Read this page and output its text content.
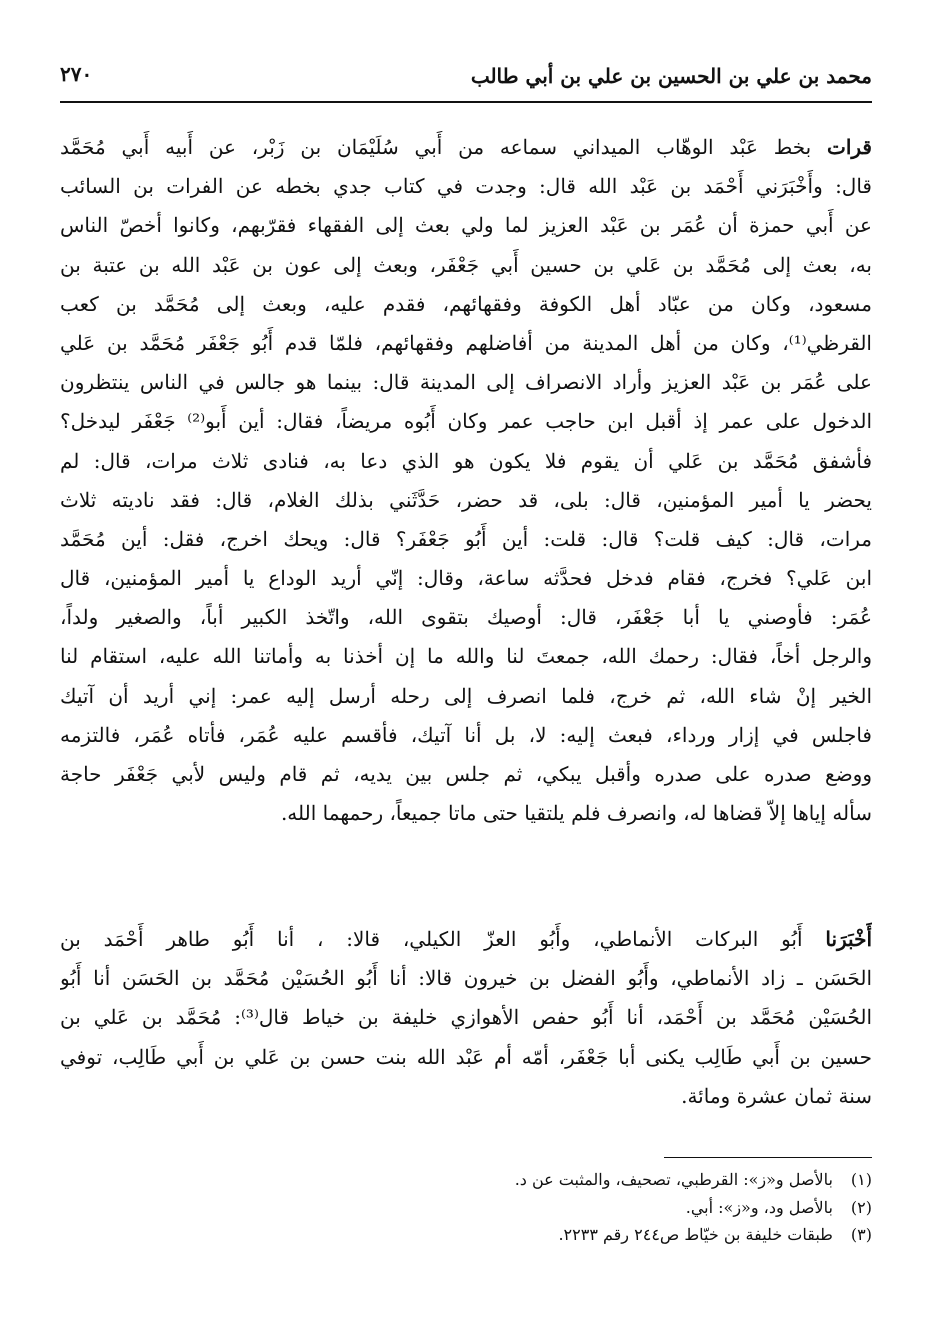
محمد بن علي بن الحسين بن علي بن أبي طالب
٢٧٠
قرات بخط عَبْد الوهّاب الميداني سماعه من أَبي سُلَيْمَان بن زَبْر، عن أَبيه أَبي مُحَمَّد
قال: وأَخْبَرَني أَحْمَد بن عَبْد الله قال: وجدت في كتاب جدي بخطه عن الفرات بن السائب
عن أَبي حمزة أن عُمَر بن عَبْد العزيز لما ولي بعث إلى الفقهاء فقرّبهم، وكانوا أخصّ الناس
به، بعث إلى مُحَمَّد بن عَلي بن حسين أَبي جَعْفَر، وبعث إلى عون بن عَبْد الله بن عتبة بن
مسعود، وكان من عبّاد أهل الكوفة وفقهائهم، فقدم عليه، وبعث إلى مُحَمَّد بن كعب
القرظي⁽¹⁾، وكان من أهل المدينة من أفاضلهم وفقهائهم، فلمّا قدم أَبُو جَعْفَر مُحَمَّد بن عَلي
على عُمَر بن عَبْد العزيز وأراد الانصراف إلى المدينة قال: بينما هو جالس في الناس ينتظرون
الدخول على عمر إذ أقبل ابن حاجب عمر وكان أَبُوه مريضاً، فقال: أين أَبو⁽²⁾ جَعْفَر ليدخل؟
فأشفق مُحَمَّد بن عَلي أن يقوم فلا يكون هو الذي دعا به، فنادى ثلاث مرات، قال: لم
يحضر يا أمير المؤمنين، قال: بلى، قد حضر، حَدَّثَني بذلك الغلام، قال: فقد ناديته ثلاث
مرات، قال: كيف قلت؟ قال: قلت: أين أَبُو جَعْفَر؟ قال: ويحك اخرج، فقل: أين مُحَمَّد
ابن عَلي؟ فخرج، فقام فدخل فحدَّثه ساعة، وقال: إنّي أريد الوداع يا أمير المؤمنين، قال
عُمَر: فأوصني يا أبا جَعْفَر، قال: أوصيك بتقوى الله، واتّخذ الكبير أباً، والصغير ولداً،
والرجل أخاً، فقال: رحمك الله، جمعتَ لنا والله ما إن أخذنا به وأماتنا الله عليه، استقام لنا
الخير إنْ شاء الله، ثم خرج، فلما انصرف إلى رحله أرسل إليه عمر: إني أريد أن آتيك
فاجلس في إزار ورداء، فبعث إليه: لا، بل أنا آتيك، فأقسم عليه عُمَر، فأتاه عُمَر، فالتزمه
ووضع صدره على صدره وأقبل يبكي، ثم جلس بين يديه، ثم قام وليس لأبي جَعْفَر حاجة
سأله إياها إلاّ قضاها له، وانصرف فلم يلتقيا حتى ماتا جميعاً، رحمهما الله.
أَخْبَرَنا أَبُو البركات الأنماطي، وأَبُو العزّ الكيلي، قالا: ، أنا أَبُو طاهر أَحْمَد بن
الحَسَن ـ زاد الأنماطي، وأَبُو الفضل بن خيرون قالا: أنا أَبُو الحُسَيْن مُحَمَّد بن الحَسَن أنا أَبُو
الحُسَيْن مُحَمَّد بن أَحْمَد، أنا أَبُو حفص الأهوازي خليفة بن خياط قال⁽³⁾: مُحَمَّد بن عَلي بن
حسين بن أَبي طَالِب يكنى أبا جَعْفَر، أمّه أم عَبْد الله بنت حسن بن عَلي بن أَبي طَالِب، توفي
سنة ثمان عشرة ومائة.
(١) بالأصل و«ز»: القرطبي، تصحيف، والمثبت عن د.
(٢) بالأصل ود، و«ز»: أبي.
(٣) طبقات خليفة بن خيّاط ص٢٤٤ رقم ٢٢٣٣.
